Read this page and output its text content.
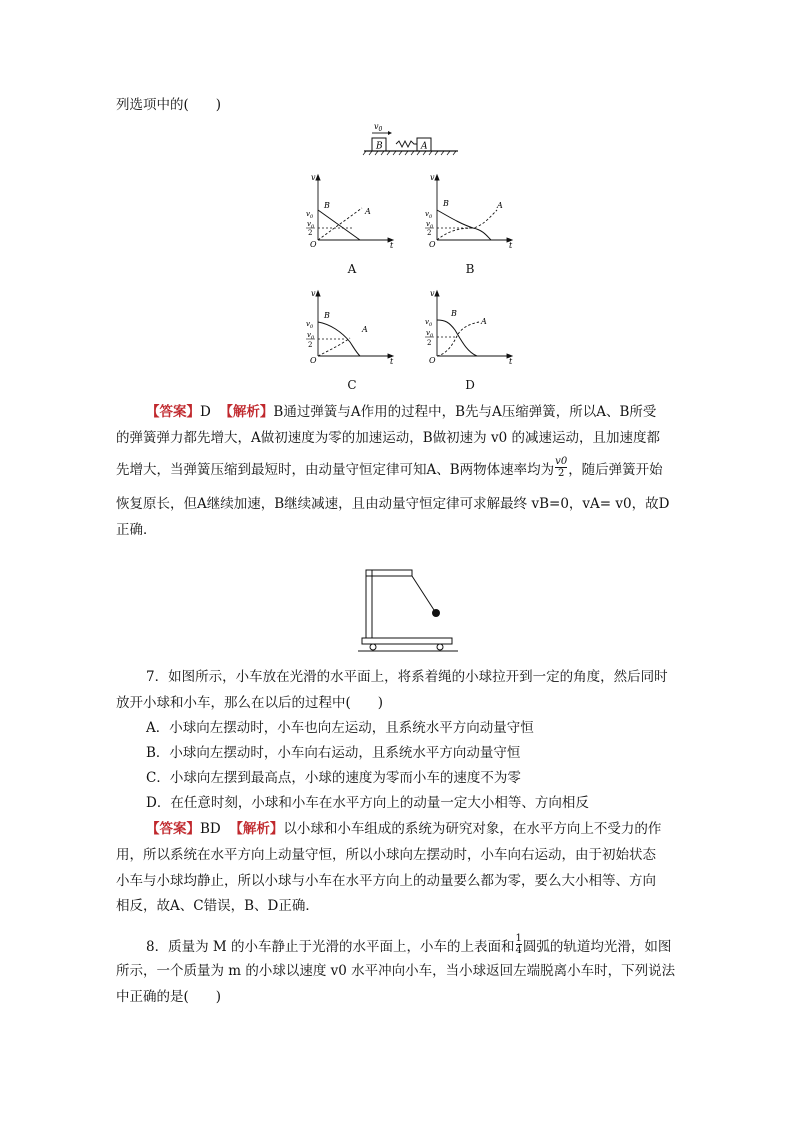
列选项中的(　　)
$v_0$
B	A
v
t
O
$v_0$
$v_0$
2
B
A
A
v
t
O
$v_0$
$v_0$
2
B	A
B
v
t
O
$v_0$
$v_0$
2
B
A
C
v
t
O
$v_0$
$v_0$
2
B
A
D
【答案】D 【解析】B通过弹簧与A作用的过程中，B先与A压缩弹簧，所以A、B所受
的弹簧弹力都先增大，A做初速度为零的加速运动，B做初速为 v0 的减速运动，且加速度都
先增大，当弹簧压缩到最短时，由动量守恒定律可知A、B两物体速率均为 $\frac{v0}{2}$ ，随后弹簧开始
恢复原长，但A继续加速，B继续减速，且由动量守恒定律可求解最终 vB=0，vA= v0，故D
正确．
7．如图所示，小车放在光滑的水平面上，将系着绳的小球拉开到一定的角度，然后同时
放开小球和小车，那么在以后的过程中(　　)
A．小球向左摆动时，小车也向左运动，且系统水平方向动量守恒
B．小球向左摆动时，小车向右运动，且系统水平方向动量守恒
C．小球向左摆到最高点，小球的速度为零而小车的速度不为零
D．在任意时刻，小球和小车在水平方向上的动量一定大小相等、方向相反
【答案】BD 【解析】以小球和小车组成的系统为研究对象，在水平方向上不受力的作
用，所以系统在水平方向上动量守恒，所以小球向左摆动时，小车向右运动，由于初始状态
小车与小球均静止，所以小球与小车在水平方向上的动量要么都为零，要么大小相等、方向
相反，故A、C错误，B、D正确．
8．质量为 M 的小车静止于光滑的水平面上，小车的上表面和 $\frac{1}{4}$ 圆弧的轨道均光滑，如图
所示，一个质量为 m 的小球以速度 v0 水平冲向小车，当小球返回左端脱离小车时，下列说法
中正确的是(　　)
